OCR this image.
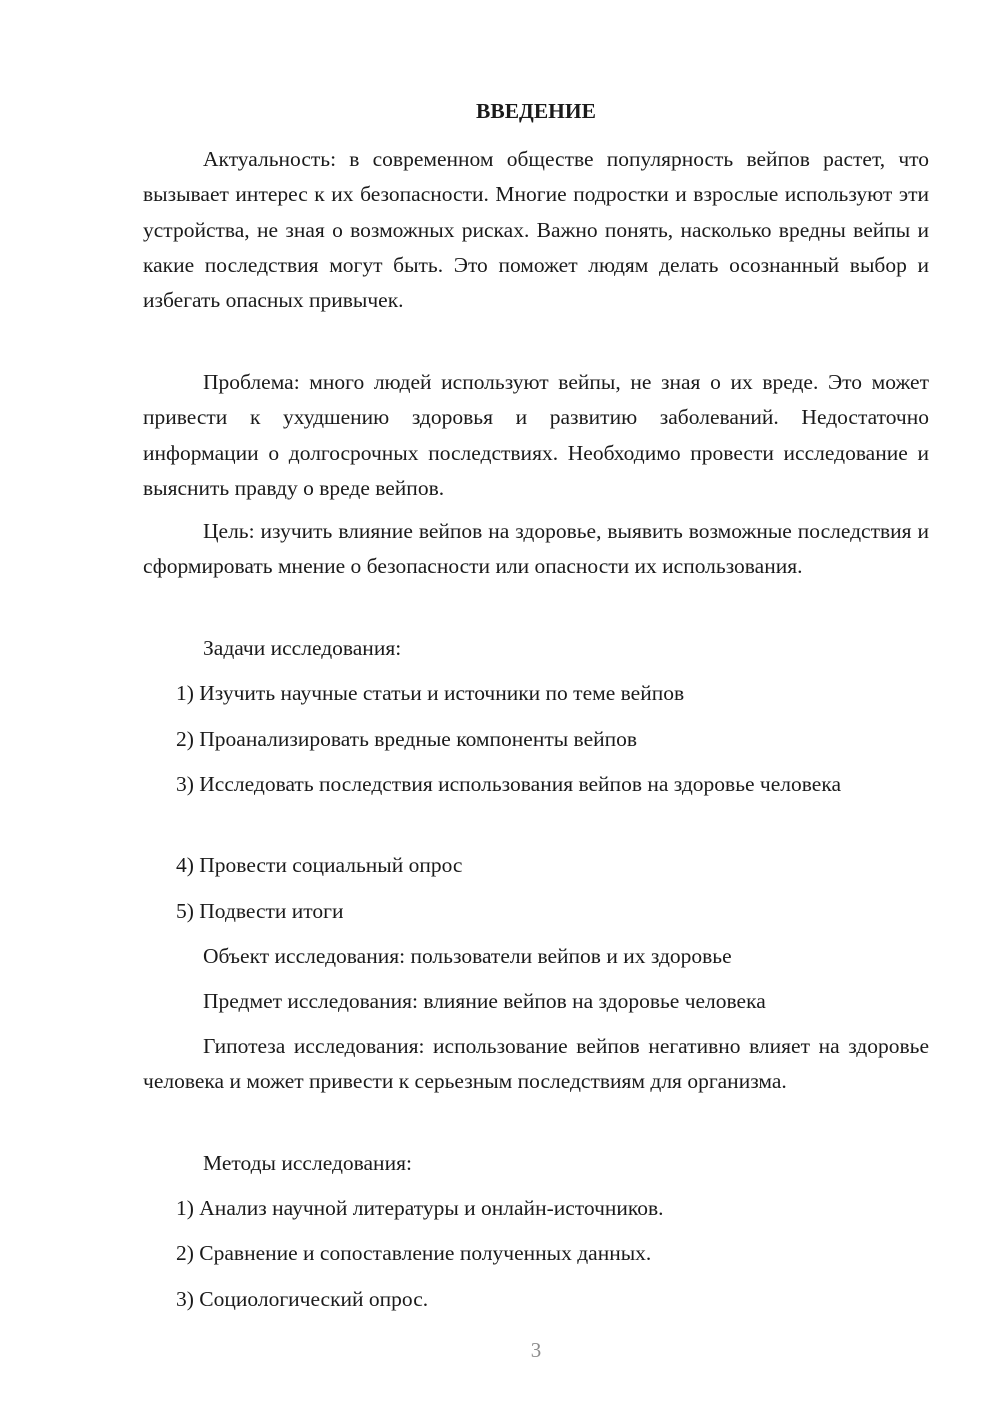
ВВЕДЕНИЕ

Актуальность: в современном обществе популярность вейпов растет, что вызывает интерес к их безопасности. Многие подростки и взрослые используют эти устройства, не зная о возможных рисках. Важно понять, насколько вредны вейпы и какие последствия могут быть. Это поможет людям делать осознанный выбор и избегать опасных привычек.

Проблема: много людей используют вейпы, не зная о их вреде. Это может привести к ухудшению здоровья и развитию заболеваний. Недостаточно информации о долгосрочных последствиях. Необходимо провести исследование и выяснить правду о вреде вейпов.

Цель: изучить влияние вейпов на здоровье, выявить возможные последствия и сформировать мнение о безопасности или опасности их использования.

Задачи исследования:

1) Изучить научные статьи и источники по теме вейпов

2) Проанализировать вредные компоненты вейпов

3) Исследовать последствия использования вейпов на здоровье человека

4) Провести социальный опрос

5) Подвести итоги

Объект исследования: пользователи вейпов и их здоровье

Предмет исследования: влияние вейпов на здоровье человека

Гипотеза исследования: использование вейпов негативно влияет на здоровье человека и может привести к серьезным последствиям для организма.

Методы исследования:

1) Анализ научной литературы и онлайн-источников.

2) Сравнение и сопоставление полученных данных.

3) Социологический опрос.

3
